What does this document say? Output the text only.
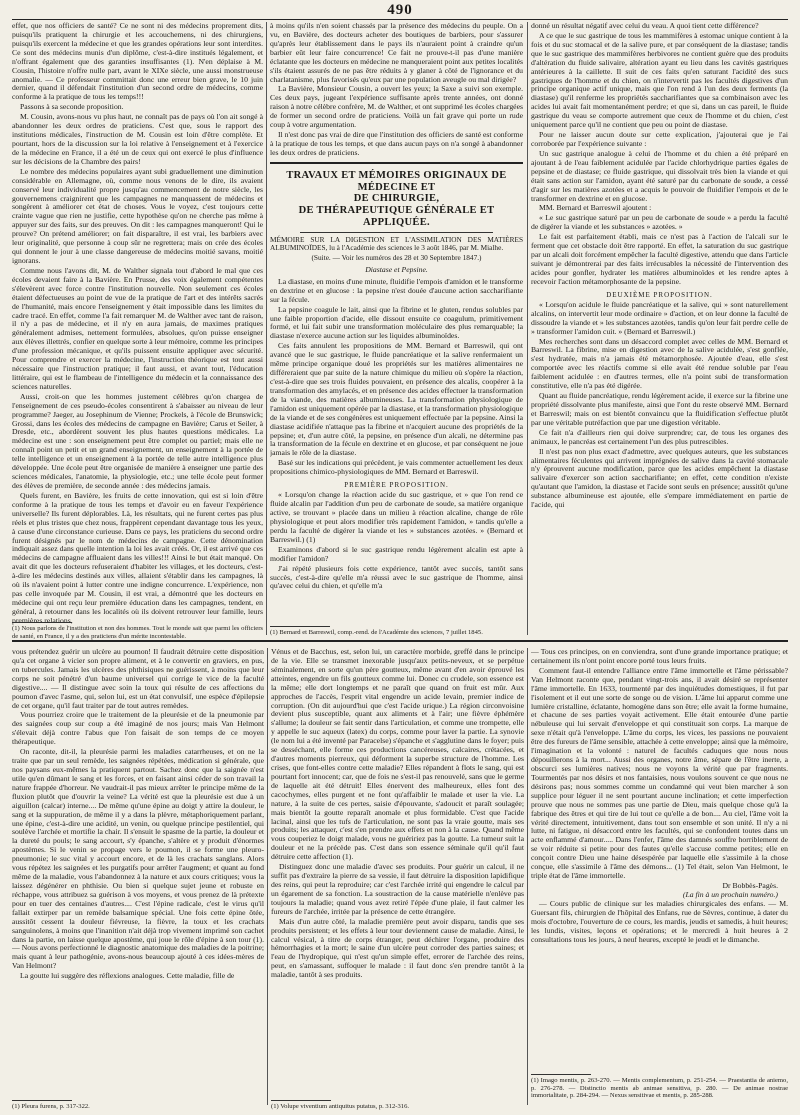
490

effet, que nos officiers de santé? Ce ne sont ni des médecins proprement dits, puisqu'ils pratiquent la chirurgie et les accouchemens, ni des chirurgiens, puisqu'ils exercent la médecine et que les grandes opérations leur sont interdites. Ce sont des médecins munis d'un diplôme, c'est-à-dire institués légalement, et n'offrant également que des garanties insuffisantes (1). N'en déplaise à M. Cousin, l'histoire n'offre nulle part, avant le XIXe siècle, une aussi monstrueuse anomalie. — Ce professeur committait donc une erreur bien grave, le 10 juin dernier, quand il défendait l'institution d'un second ordre de médecins, comme conforme à la pratique de tous les temps!!!

Passons à sa seconde proposition.

M. Cousin, avons-nous vu plus haut, ne connaît pas de pays où l'on ait songé à abandonner les deux ordres de praticiens. C'est que, sous le rapport des institutions médicales, l'instruction de M. Cousin est loin d'être complète. Et pourtant, hors de la discussion sur la loi relative à l'enseignement et à l'exercice de la médecine en France, il a été un de ceux qui ont exercé le plus d'influence sur les décisions de la Chambre des pairs!

Le nombre des médecins populaires ayant subi graduellement une diminution considérable en Allemagne, où, comme nous venons de le dire, ils avaient conservé leur individualité propre jusqu'au commencement de notre siècle, les gouvernemens craignirent que les campagnes ne manquassent de médecins et songèrent à améliorer cet état de choses. Vous le voyez, c'est toujours cette crainte vague que rien ne justifie, cette hypothèse qu'on ne cherche pas même à appuyer sur des faits, sur des preuves. On dit : les campagnes manqueront! Qui le prouve? On prétend améliorer; on fait disparaître, il est vrai, les barbiers avec leur originalité, que personne à coup sûr ne regrettera; mais on crée des écoles qui donnent le jour à une classe dangereuse de médecins moitié savans, moitié ignorans.

Comme nous l'avons dit, M. de Walther signala tout d'abord le mal que ces écoles devaient faire à la Bavière. En Prusse, des voix également compétentes s'élevèrent avec force contre l'institution nouvelle. Non seulement ces écoles étaient défectueuses au point de vue de la pratique de l'art et des intérêts sacrés de l'humanité, mais encore l'enseignement y était impossible dans les limites du cadre tracé. En effet, comme l'a fait remarquer M. de Walther avec tant de raison, il n'y a pas de médecine, et il n'y en aura jamais, de maximes pratiques généralement admises, nettement formulées, absolues, qu'on puisse enseigner aux élèves illettrés, confier en quelque sorte à leur mémoire, comme les principes d'une profession mécanique, et qu'ils puissent ensuite appliquer avec sécurité. Pour comprendre et exercer la médecine, l'instruction théorique est tout aussi nécessaire que l'instruction pratique; il faut aussi, et avant tout, l'éducation littéraire, qui est le flambeau de l'intelligence du médecin et la connaissance des sciences naturelles.

Aussi, croit-on que les hommes justement célèbres qu'on chargea de l'enseignement de ces pseudo-écoles consentirent à s'abaisser au niveau de leur programme? Jaeger, au Josephinum de Vienne; Prockels, à l'école de Brunswick; Grossi, dans les écoles des médecins de campagne en Bavière; Carus et Seiler, à Dresde, etc., abordèrent souvent les plus hautes questions médicales. La médecine est une : son enseignement peut être complet ou partiel; mais elle ne connaît point un petit et un grand enseignement, un enseignement à la portée de telle intelligence et un enseignement à la portée de telle autre intelligence plus développée. Une école peut être organisée de manière à enseigner une partie des sciences médicales, l'anatomie, la physiologie, etc.; une telle école peut former des élèves de première, de seconde année : des médecins jamais.

Quels furent, en Bavière, les fruits de cette innovation, qui est si loin d'être conforme à la pratique de tous les temps et d'avoir eu en faveur l'expérience universelle? Ils furent déplorables. Là, les résultats, qui ne furent certes pas plus réels et plus tristes que chez nous, frappèrent cependant davantage tous les yeux, à cause d'une circonstance curieuse. Dans ce pays, les praticiens du second ordre furent désignés par le nom de médecins de campagne. Cette dénomination indiquait assez dans quelle intention la loi les avait créés. Or, il est arrivé que ces médecins de campagne affluaient dans les villes!!! Ainsi le but était manqué. On avait dit que les docteurs refuseraient d'habiter les villages, et les docteurs, c'est-à-dire les médecins destinés aux villes, allaient s'établir dans les campagnes, là où ils n'avaient point à lutter contre une indigne concurrence. L'expérience, non pas celle invoquée par M. Cousin, il est vrai, a démontré que les docteurs en médecine qui ont reçu leur première éducation dans les campagnes, tendent, en général, à retourner dans les localités où ils doivent retrouver leur famille, leurs premières relations,

(1) Nous parlons de l'institution et non des hommes. Tout le monde sait que parmi les officiers de santé, en France, il y a des praticiens d'un mérite incontestable.

à moins qu'ils n'en soient chassés par la présence des médecins du peuple. On a vu, en Bavière, des docteurs acheter des boutiques de barbiers, pour s'assurer qu'après leur établissement dans le pays ils n'auraient point à craindre qu'un barbier eût leur faire concurrence! Ce fait ne prouve-t-il pas d'une manière éclatante que les docteurs en médecine ne manqueraient point aux petites localités s'ils étaient assurés de ne pas être réduits à y glaner à côté de l'ignorance et du charlatanisme, plus favorisés qu'eux par une population aveugle ou mal dirigée?

La Bavière, Monsieur Cousin, a ouvert les yeux; la Saxe a suivi son exemple. Ces deux pays, jugeant l'expérience suffisante après trente années, ont donné raison à notre célèbre confrère, M. de Walther, et ont supprimé les écoles chargées de former un second ordre de praticiens. Voilà un fait grave qui porte un rude coup à votre argumentation.

Il n'est donc pas vrai de dire que l'institution des officiers de santé est conforme à la pratique de tous les temps, et que dans aucun pays on n'a songé à abandonner les deux ordres de praticiens.

TRAVAUX ET MÉMOIRES ORIGINAUX DE MÉDECINE ET
DE CHIRURGIE,
DE THÉRAPEUTIQUE GÉNÉRALE ET APPLIQUÉE.
MÉMOIRE SUR LA DIGESTION ET L'ASSIMILATION DES MATIÈRES ALBUMINOÏDES, lu à l'Académie des sciences le 3 août 1846, par M. Mialhe.
(Suite. — Voir les numéros des 28 et 30 Septembre 1847.)
Diastase et Pepsine.

La diastase, en moins d'une minute, fluidifie l'empois d'amidon et le transforme en dextrine et en glucose : la pepsine n'est douée d'aucune action saccharifiante sur la fécule.

La pepsine coagule le lait, ainsi que la fibrine et le gluten, rendus solubles par une faible proportion d'acide, elle dissout ensuite ce coagulum, primitivement formé, et lui fait subir une transformation moléculaire des plus remarquable; la diastase n'exerce aucune action sur les liquides albuminoïdes.

Ces faits annulent les propositions de MM. Bernard et Barreswil, qui ont avancé que le suc gastrique, le fluide pancréatique et la salive renfermaient un même principe organique doué les propriétés sur les matières alimentaires ne différeraient que par suite de la nature chimique du milieu où s'opère la réaction, c'est-à-dire que ses trois fluides pouvaient, en présence des alcalis, coopérer à la transformation des amylacés, et en présence des acides effectuer la transformation de la viande, des matières albumineuses. La transformation physiologique de l'amidon est uniquement opérée par la diastase, et la transformation physiologique de la viande et de ses congénères est uniquement effectuée par la pepsine. Ainsi la diastase acidifiée n'attaque pas la fibrine et n'acquiert aucune des propriétés de la pepsine; et, d'un autre côté, la pepsine, en présence d'un alcali, ne détermine pas la transformation de la fécule en dextrine et en glucose, et par conséquent ne joue jamais le rôle de la diastase.

Basé sur les indications qui précèdent, je vais commenter actuellement les deux propositions chimico-physiologiques de MM. Bernard et Barreswil.

PREMIÈRE PROPOSITION.

« Lorsqu'on change la réaction acide du suc gastrique, et » que l'on rend ce fluide alcalin par l'addition d'un peu de carbonate de soude, sa matière organique active, se trouvant » placée dans un milieu à réaction alcaline, change de rôle physiologique et peut alors modifier très rapidement l'amidon, » tandis qu'elle a perdu la faculté de digérer la viande et les » substances azotées. » (Bernard et Barreswil.) (1)

Examinons d'abord si le suc gastrique rendu légèrement alcalin est apte à modifier l'amidon?

J'ai répété plusieurs fois cette expérience, tantôt avec succès, tantôt sans succès, c'est-à-dire qu'elle m'a réussi avec le suc gastrique de l'homme, ainsi qu'avec celui du chien, et qu'elle m'a

(1) Bernard et Barreswil, comp.-rend. de l'Académie des sciences, 7 juillet 1845.

donné un résultat négatif avec celui du veau. A quoi tient cette différence?

A ce que le suc gastrique de tous les mammifères à estomac unique contient à la fois et du suc stomacal et de la salive pure, et par conséquent de la diastase; tandis que le suc gastrique des mammifères herbivores ne contient guère que des produits d'altération du fluide salivaire, altération ayant eu lieu dans les cavités gastriques antérieures à la caillette. Il suit de ces faits qu'en saturant l'acidité des sucs gastriques de l'homme et du chien, on n'intervertit pas les facultés digestives d'un principe organique actif unique, mais que l'on rend à l'un des deux ferments (la diastase) qu'il renferme les propriétés saccharifiantes que sa combinaison avec les acides lui avait fait momentanément perdre; et que si, dans un cas pareil, le fluide gastrique du veau se comporte autrement que ceux de l'homme et du chien, c'est uniquement parce qu'il ne contient que peu ou point de diastase.

Pour ne laisser aucun doute sur cette explication, j'ajouterai que je l'ai corroborée par l'expérience suivante :

Un suc gastrique analogue à celui de l'homme et du chien a été préparé en ajoutant à de l'eau faiblement acidulée par l'acide chlorhydrique parties égales de pepsine et de diastase; ce fluide gastrique, qui dissolvait très bien la viande et qui était sans action sur l'amidon, ayant été saturé par du carbonate de soude, a cessé d'agir sur les matières azotées et a acquis le pouvoir de fluidifier l'empois et de le transformer en dextrine et en glucose.

MM. Bernard et Barreswil ajoutent :

« Le suc gastrique saturé par un peu de carbonate de soude » a perdu la faculté de digérer la viande et les substances » azotées. »

Le fait est parfaitement établi, mais ce n'est pas à l'action de l'alcali sur le ferment que cet obstacle doit être rapporté. En effet, la saturation du suc gastrique par un alcali doit forcément empêcher la faculté digestive, attendu que dans l'article suivant je démontrerai par des faits irrécusables la nécessité de l'intervention des acides pour gonfler, hydrater les matières albuminoïdes et les rendre aptes à recevoir l'action métamorphosante de la pepsine.

DEUXIÈME PROPOSITION.

« Lorsqu'on acidule le fluide pancréatique et la salive, qui » sont naturellement alcalins, on intervertit leur mode ordinaire » d'action, et on leur donne la faculté de dissoudre la viande et » les substances azotées, tandis qu'on leur fait perdre celle de » transformer l'amidon cuit. » (Bernard et Barreswil.)

Mes recherches sont dans un désaccord complet avec celles de MM. Bernard et Barreswil. La fibrine, mise en digestion avec de la salive acidulée, s'est gonflée, s'est hydratée, mais n'a jamais été métamorphosée. Ajoutée d'eau, elle s'est comportée avec les réactifs comme si elle avait été rendue soluble par l'eau faiblement acidulée : en d'autres termes, elle n'a point subi de transformation constitutive, elle n'a pas été digérée.

Quant au fluide pancréatique, rendu légèrement acide, il exerce sur la fibrine une propriété dissolvante plus manifeste, ainsi que l'ont du reste observé MM. Bernard et Barreswil; mais on est bientôt convaincu que la fluidification s'effectue plutôt par une véritable putréfaction que par une digestion véritable.

Ce fait n'a d'ailleurs rien qui doive surprendre; car, de tous les organes des animaux, le pancréas est certainement l'un des plus putrescibles.

Il n'est pas non plus exact d'admettre, avec quelques auteurs, que les substances alimentaires féculentes qui arrivent imprégnées de salive dans la cavité stomacale n'y éprouvent aucune modification, parce que les acides empêchent la diastase salivaire d'exercer son action saccharifiante; en effet, cette condition n'existe qu'autant que l'amidon, la diastase et l'acide sont seuls en présence; aussitôt qu'une substance albumineuse est ajoutée, elle s'empare immédiatement en partie de l'acide, qui

vous prétendez guérir un ulcère au poumon! Il faudrait détruire cette disposition qu'a cet organe à vicier son propre aliment, et à le convertir en graviers, en pus, en tubercules. Jamais les ulcères des phthisiques ne guérissent, à moins que leur corps ne soit pénétré d'un baume universel qui corrige le vice de la faculté digestive.... — Il distingue avec soin la toux qui résulte de ces affections du poumon d'avec l'asme, qui, selon lui, est un état convulsif, une espèce d'épilepsie de cet organe, qu'il faut traiter par de tout autres remèdes.

Vous pourriez croire que le traitement de la pleurésie et de la pneumonie par des saignées coup sur coup a été imaginé de nos jours; mais Van Helmont s'élevait déjà contre l'abus que l'on faisait de son temps de ce moyen thérapeutique.

On raconte, dit-il, la pleurésie parmi les maladies catarrheuses, et on ne la traite que par un seul remède, les saignées répétées, médication si générale, que nos paysans eux-mêmes la pratiquent partout. Sachez donc que la saignée n'est utile qu'en dûmant le sang et les forces, et en faisant ainsi céder de son travail la nature frappée d'horreur. Ne vaudrait-il pas mieux arrêter le principe même de la fluxion plutôt que d'ouvrir la veine? La vérité est que la pleurésie est due à un aiguillon (calcar) interne.... De même qu'une épine au doigt y attire la douleur, le sang et la suppuration, de même il y a dans la plèvre, métaphoriquement parlant, une épine, c'est-à-dire une acidité, un venin, ou quelque principe pestilentiel, qui soulève l'archée et mortifie la chair. Il s'ensuit le spasme de la partie, la douleur et la dureté du pouls; le sang accourt, s'y épanche, s'altère et y produit d'énormes apostèmes. Si le venin se propage vers le poumon, il se forme une pleuro-pneumonie; le suc vital y accourt encore, et de là les crachats sanglans. Alors vous répétez les saignées et les purgatifs pour arrêter l'augment; et quant au fond même de la maladie, vous l'abandonnez à la nature et aux cours critiques; vous la laissez dégénérer en phthisie. Ou bien si quelque sujet jeune et robuste en réchappe, vous attribuez sa guérison à vos moyens, et vous prenez de là prétexte pour en tuer des centaines d'autres.... C'est l'épine radicale, c'est le virus qu'il fallait extirper par un remède balsamique spécial. Une fois cette épine ôtée, aussitôt cessent la douleur fiévreuse, la fièvre, la toux et les crachats sanguinolens, à moins que l'inanition n'ait déjà trop vivement imprimé son cachet dans la partie, on laisse quelque apostème, qui joue le rôle d'épine à son tour (1). — Nous avons perfectionné le diagnostic anatomique des maladies de la poitrine; mais quant à leur pathogénie, avons-nous beaucoup ajouté à ces idées-mères de Van Helmont?

La goutte lui suggère des réflexions analogues. Cette maladie, fille de

(1) Pleura furens, p. 317-322.

Vénus et de Bacchus, est, selon lui, un caractère morbide, greffé dans le principe de la vie. Elle se transmet inexorable jusqu'aux petits-neveux, et se perpétue séminalement, en sorte qu'un père goutteux, même avant d'en avoir éprouvé les atteintes, engendre un fils goutteux comme lui. Donec cu crudele, son essence est la même; elle dort longtemps et ne paraît que quand on fruit est mûr. Aux approches de l'accès, l'esprit vital engendre un acide levain, premier indice de corruption. (On dit aujourd'hui que c'est l'acide urique.) La région circonvoisine devient plus susceptible, quant aux aliments et à l'air; une fièvre éphémère s'allume; la douleur se fait sentir dans l'articulation, et comme une trompette, elle y appelle le suc aqueux (latex) du corps, comme pour laver la partie. La synovie (le nom lui a été inventé par Paracelse) s'épanche et s'agglutine dans le foyer; puis se desséchant, elle forme ces productions cancéreuses, calcaires, crétacées, et d'autres moments pierreux, qui déforment la superbe structure de l'homme. Les crises, que font-elles contre cette maladie? Elles répandent à flots le sang, qui est pourtant fort innocent; car, que de fois ne s'est-il pas renouvelé, sans que le germe de laquelle ait été détruit! Elles énervent des malheureux, elles font des cacochymes, elles purgent et ne font qu'affaiblir le malade et user la vie. La nature, à la suite de ces pertes, saisie d'épouvante, s'adoucit et paraît soulagée; mais bientôt la goutte reparaît anomale et plus formidable. C'est que l'acide lacinal, ainsi que les tufs de l'articulation, ne sont pas la vraie goutte, mais ses produits; les attaquer, c'est s'en prendre aux effets et non à la cause. Quand même vous couperiez le doigt malade, vous ne guéririez pas la goutte. La tumeur suit la douleur et ne la précède pas. C'est dans son essence séminale qu'il qu'il faut détruire cette affection (1).

Distinguez donc une maladie d'avec ses produits. Pour guérir un calcul, il ne suffit pas d'extraire la pierre de sa vessie, il faut détruire la disposition lapidifique des reins, qui peut la reproduire; car c'est l'archée irrité qui engendre le calcul par un égarement de sa fonction. La soustraction de la cause matérielle n'enlève pas toujours la maladie; quand vous avez retiré l'épée d'une plaie, il faut calmer les fureurs de l'archée, irritée par la présence de cette étrangère.

Mais d'un autre côté, la maladie première peut avoir disparu, tandis que ses produits persistent; et les effets à leur tour deviennent cause de maladie. Ainsi, le calcul vésical, à titre de corps étranger, peut déchirer l'organe, produire des hémorrhagies et la mort; le saine d'un ulcère peut corroder des parties saines; et l'eau de l'hydropique, qui n'est qu'un simple effet, errorer de l'archée des reins, peut, en s'amassant, suffoquer le malade : il faut donc s'en prendre tantôt à la maladie, tantôt à ses produits.

(1) Volupe viventium antiquitus putatus, p. 312-316.

— Tous ces principes, on en conviendra, sont d'une grande importance pratique; et certainement ils n'ont point encore porté tous leurs fruits.

Comment faut-il entendre l'alliance entre l'âme immortelle et l'âme périssable? Van Helmont raconte que, pendant vingt-trois ans, il avait désiré se représenter l'âme immortelle. En 1633, tourmenté par des inquiétudes domestiques, il fut par l'isolement et il eut une sorte de songe ou de vision. L'âme lui apparut comme une lumière cristalline, éclatante, homogène dans son être; elle avait la forme humaine, et chacune de ses parties voyait activement. Elle était entourée d'une partie nébuleuse qui lui servait d'enveloppe et qui constituait son corps. La marque de sexe n'était qu'à l'enveloppe. L'âme du corps, les vices, les passions ne pouvaient être des fureurs de l'âme sensible, attachée à cette enveloppe; ainsi que la mémoire, l'imagination et la volonté : naturel de facultés caduques que nous nous dépouillerons à la mort... Aussi des organes, notre âme, sépare de l'être inerte, a obscurci ses lumières natives; nous ne voyons la vérité que par fragments. Tourmentés par nos désirs et nos fantaisies, nous voulons souvent ce que nous ne désirons pas; nous sommes comme un condamné qui veut bien marcher à son supplice pour léguer il ne sent pourtant aucune inclination; et cette imperfection prouve que nous ne sommes pas une partie de Dieu, mais quelque chose qu'à la fabrique des êtres et qui tire de lui tout ce qu'elle a de bon.... Au ciel, l'âme voit la vérité directement, intuitivement, dans tout son ensemble et son unité. Il n'y a ni lutte, ni fatigue, ni désaccord entre les facultés, qui se confondent toutes dans un acte enflammé d'amour..... Dans l'enfer, l'âme des damnés souffre horriblement de se voir réduite si petite pour des fautes qu'elle s'accuse comme petites; elle en conçoit contre Dieu une haine désespérée par laquelle elle s'assimile à la chose conçue, elle s'assimile à l'âme des démons... (1) Tel était, selon Van Helmont, le triple état de l'âme immortelle.

Dr Bobbès-Pagès.
(La fin à un prochain numéro.)

— Cours public de clinique sur les maladies chirurgicales des enfans. — M. Guersant fils, chirurgien de l'hôpital des Enfans, rue de Sèvres, continue, à dater du mois d'octobre, l'ouverture de ce cours, les mardis, jeudis et samedis, à huit heures; les lundis, visites, leçons et opérations; et le mercredi à huit heures à 2 consultations tous les jours, à neuf heures, excepté le jeudi et le dimanche.

(1) Imago mentis, p. 263-270. — Mentis complementum, p. 251-254. — Praestantia de aniemo, p. 276-278. — Distinctio mentis ab animae sensitiva, p. 280. — De animae nostrae immortalitate, p. 284-294. — Nexus sensitivae et mentis, p. 285-288.
